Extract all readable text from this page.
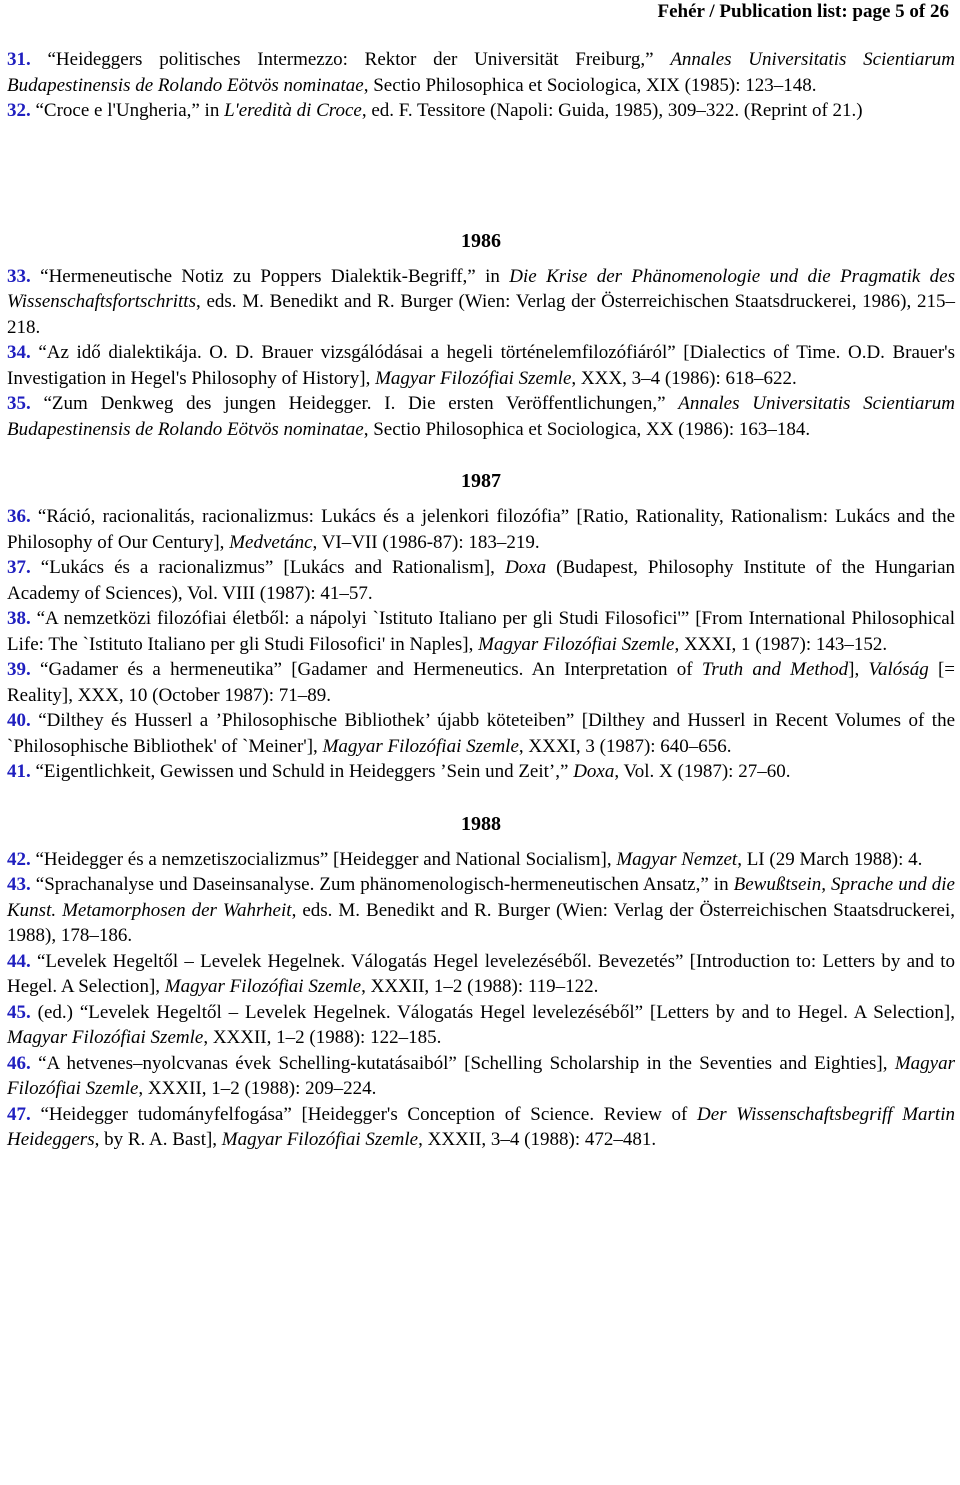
Fehér / Publication list: page 5 of 26

31. “Heideggers politisches Intermezzo: Rektor der Universität Freiburg,” Annales Universitatis Scientiarum Budapestinensis de Rolando Eötvös nominatae, Sectio Philosophica et Sociologica, XIX (1985): 123–148.

32. “Croce e l'Ungheria,” in L'eredità di Croce, ed. F. Tessitore (Napoli: Guida, 1985), 309–322. (Reprint of 21.)

1986

33. “Hermeneutische Notiz zu Poppers Dialektik-Begriff,” in Die Krise der Phänomenologie und die Pragmatik des Wissenschaftsfortschritts, eds. M. Benedikt and R. Burger (Wien: Verlag der Österreichischen Staatsdruckerei, 1986), 215–218.

34. “Az idő dialektikája. O. D. Brauer vizsgálódásai a hegeli történelemfilozófiáról” [Dialectics of Time. O.D. Brauer's Investigation in Hegel's Philosophy of History], Magyar Filozófiai Szemle, XXX, 3–4 (1986): 618–622.

35. “Zum Denkweg des jungen Heidegger. I. Die ersten Veröffentlichungen,” Annales Universitatis Scientiarum Budapestinensis de Rolando Eötvös nominatae, Sectio Philosophica et Sociologica, XX (1986): 163–184.

1987

36. “Ráció, racionalitás, racionalizmus: Lukács és a jelenkori filozófia” [Ratio, Rationality, Rationalism: Lukács and the Philosophy of Our Century], Medvetánc, VI–VII (1986-87): 183–219.

37. “Lukács és a racionalizmus” [Lukács and Rationalism], Doxa (Budapest, Philosophy Institute of the Hungarian Academy of Sciences), Vol. VIII (1987): 41–57.

38. “A nemzetközi filozófiai életből: a nápolyi `Istituto Italiano per gli Studi Filosofici'” [From International Philosophical Life: The `Istituto Italiano per gli Studi Filosofici' in Naples], Magyar Filozófiai Szemle, XXXI, 1 (1987): 143–152.

39. “Gadamer és a hermeneutika” [Gadamer and Hermeneutics. An Interpretation of Truth and Method], Valóság [= Reality], XXX, 10 (October 1987): 71–89.

40. “Dilthey és Husserl a ’Philosophische Bibliothek’ újabb köteteiben” [Dilthey and Husserl in Recent Volumes of the `Philosophische Bibliothek' of `Meiner'], Magyar Filozófiai Szemle, XXXI, 3 (1987): 640–656.

41. “Eigentlichkeit, Gewissen und Schuld in Heideggers ’Sein und Zeit’,” Doxa, Vol. X (1987): 27–60.

1988

42. “Heidegger és a nemzetiszocializmus” [Heidegger and National Socialism], Magyar Nemzet, LI (29 March 1988): 4.

43. “Sprachanalyse und Daseinsanalyse. Zum phänomenologisch-hermeneutischen Ansatz,” in Bewußtsein, Sprache und die Kunst. Metamorphosen der Wahrheit, eds. M. Benedikt and R. Burger (Wien: Verlag der Österreichischen Staatsdruckerei, 1988), 178–186.

44. “Levelek Hegeltől – Levelek Hegelnek. Válogatás Hegel levelezéséből. Bevezetés” [Introduction to: Letters by and to Hegel. A Selection], Magyar Filozófiai Szemle, XXXII, 1–2 (1988): 119–122.

45. (ed.) “Levelek Hegeltől – Levelek Hegelnek. Válogatás Hegel levelezéséből” [Letters by and to Hegel. A Selection], Magyar Filozófiai Szemle, XXXII, 1–2 (1988): 122–185.

46. “A hetvenes–nyolcvanas évek Schelling-kutatásaiból” [Schelling Scholarship in the Seventies and Eighties], Magyar Filozófiai Szemle, XXXII, 1–2 (1988): 209–224.

47. “Heidegger tudományfelfogása” [Heidegger's Conception of Science. Review of Der Wissenschaftsbegriff Martin Heideggers, by R. A. Bast], Magyar Filozófiai Szemle, XXXII, 3–4 (1988): 472–481.
